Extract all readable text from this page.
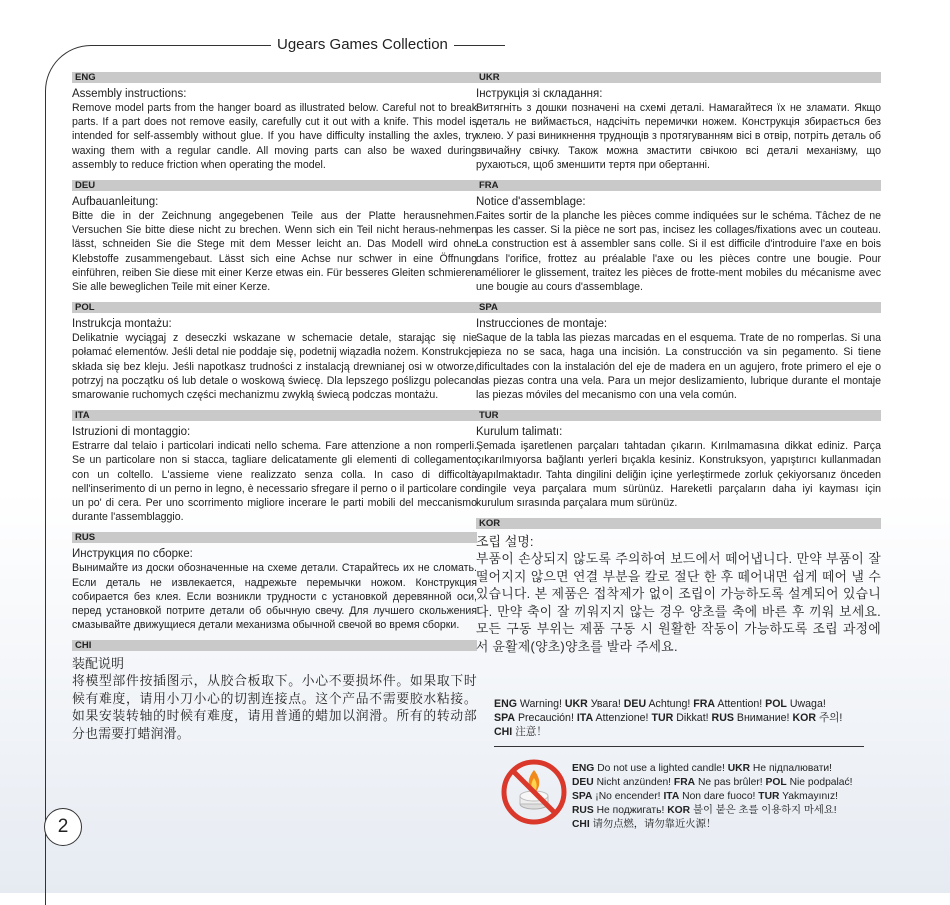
Ugears Games Collection
ENG
Assembly instructions:
Remove model parts from the hanger board as illustrated below. Careful not to break parts. If a part does not remove easily, carefully cut it out with a knife. This model is intended for self-assembly without glue. If you have difficulty installing the axles, try waxing them with a regular candle. All moving parts can also be waxed during assembly to reduce friction when operating the model.
DEU
Aufbauanleitung:
Bitte die in der Zeichnung angegebenen Teile aus der Platte herausnehmen. Versuchen Sie bitte diese nicht zu brechen. Wenn sich ein Teil nicht heraus-nehmen lässt, schneiden Sie die Stege mit dem Messer leicht an. Das Modell wird ohne Klebstoffe zusammengebaut. Lässt sich eine Achse nur schwer in eine Öffnung einführen, reiben Sie diese mit einer Kerze etwas ein. Für besseres Gleiten schmieren Sie alle beweglichen Teile mit einer Kerze.
POL
Instrukcja montażu:
Delikatnie wyciągaj z deseczki wskazane w schemacie detale, starając się nie połamać elementów. Jeśli detal nie poddaje się, podetnij wiązadła nożem. Konstrukcje składa się bez kleju. Jeśli napotkasz trudności z instalacją drewnianej osi w otworze, potrzyj na początku oś lub detale o woskową świecę. Dla lepszego poślizgu polecano smarowanie ruchomych części mechanizmu zwykłą świecą podczas montażu.
ITA
Istruzioni di montaggio:
Estrarre dal telaio i particolari indicati nello schema. Fare attenzione a non romperli. Se un particolare non si stacca, tagliare delicatamente gli elementi di collegamento con un coltello. L'assieme viene realizzato senza colla. In caso di difficoltà nell'inserimento di un perno in legno, è necessario sfregare il perno o il particolare con un po' di cera. Per uno scorrimento migliore incerare le parti mobili del meccanismo durante l'assemblaggio.
RUS
Инструкция по сборке:
Вынимайте из доски обозначенные на схеме детали. Старайтесь их не сломать. Если деталь не извлекается, надрежьте перемычки ножом. Конструкция собирается без клея. Если возникли трудности с установкой деревянной оси, перед установкой потрите детали об обычную свечу. Для лучшего скольжения смазывайте движущиеся детали механизма обычной свечой во время сборки.
CHI
装配说明
将模型部件按插图示，从胶合板取下。小心不要损坏件。如果取下时候有难度，请用小刀小心的切割连接点。这个产品不需要胶水粘接。如果安装转轴的时候有难度，请用普通的蜡加以润滑。所有的转动部分也需要打蜡润滑。
UKR
Інструкція зі складання:
Витягніть з дошки позначені на схемі деталі. Намагайтеся їх не зламати. Якщо деталь не виймається, надсічіть перемички ножем. Конструкція збирається без клею. У разі виникнення труднощів з протягуванням вісі в отвір, потріть деталь об звичайну свічку. Також можна змастити свічкою всі деталі механізму, що рухаються, щоб зменшити тертя при обертанні.
FRA
Notice d'assemblage:
Faites sortir de la planche les pièces comme indiquées sur le schéma. Tâchez de ne pas les casser. Si la pièce ne sort pas, incisez les collages/fixations avec un couteau. La construction est à assembler sans colle. Si il est difficile d'introduire l'axe en bois dans l'orifice, frottez au préalable l'axe ou les pièces contre une bougie. Pour améliorer le glissement, traitez les pièces de frotte-ment mobiles du mécanisme avec une bougie au cours d'assemblage.
SPA
Instrucciones de montaje:
Saque de la tabla las piezas marcadas en el esquema. Trate de no romperlas. Si una pieza no se saca, haga una incisión. La construcción va sin pegamento. Si tiene dificultades con la instalación del eje de madera en un agujero, frote primero el eje o las piezas contra una vela. Para un mejor deslizamiento, lubrique durante el montaje las piezas móviles del mecanismo con una vela común.
TUR
Kurulum talimatı:
Şemada işaretlenen parçaları tahtadan çıkarın. Kırılmamasına dikkat ediniz. Parça çıkarılmıyorsa bağlantı yerleri bıçakla kesiniz. Konstruksyon, yapıştırıcı kullanmadan yapılmaktadır. Tahta dingilini deliğin içine yerleştirmede zorluk çekiyorsanız önceden dingile veya parçalara mum sürünüz. Hareketli parçaların daha iyi kayması için kurulum sırasında parçalara mum sürünüz.
KOR
조립 설명:
부품이 손상되지 않도록 주의하여 보드에서 떼어냅니다. 만약 부품이 잘 떨어지지 않으면 연결 부분을 칼로 절단 한 후 떼어내면 쉽게 떼어 낼 수 있습니다. 본 제품은 접착제가 없이 조립이 가능하도록 설계되어 있습니다. 만약 축이 잘 끼워지지 않는 경우 양초를 축에 바른 후 끼워 보세요. 모든 구동 부위는 제품 구동 시 원활한 작동이 가능하도록 조립 과정에서 윤활제(양초)양초를 발라 주세요.
ENG Warning! UKR Увага! DEU Achtung! FRA Attention! POL Uwaga!
SPA Precaución! ITA Attenzione! TUR Dikkat! RUS Внимание! KOR 주의!
CHI 注意！
ENG Do not use a lighted candle! UKR Не підпалювати!
DEU Nicht anzünden! FRA Ne pas brûler! POL Nie podpalać!
SPA ¡No encender! ITA Non dare fuoco! TUR Yakmayınız!
RUS Не поджигать! KOR 불이 붙은 초를 이용하지 마세요!
CHI 请勿点燃，请勿靠近火源！
2
